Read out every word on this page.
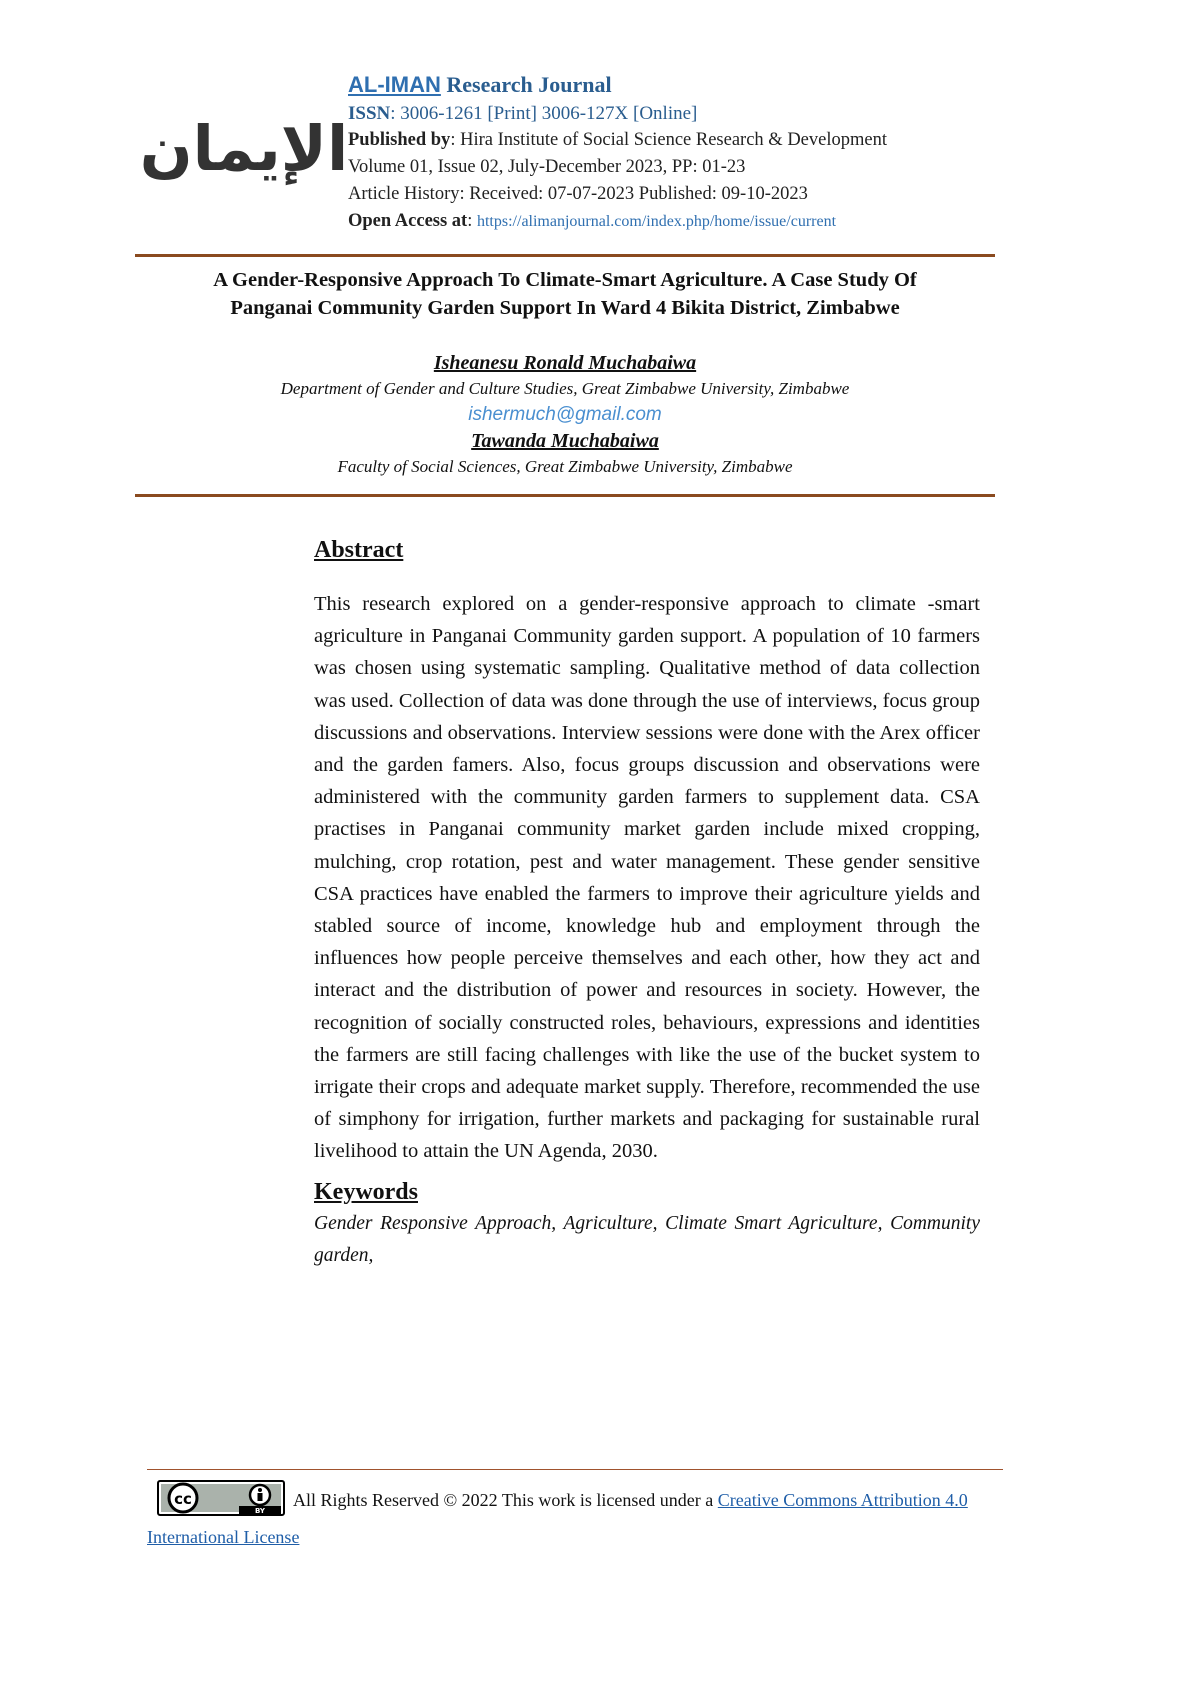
الإيمان
AL-IMAN Research Journal
ISSN: 3006-1261 [Print] 3006-127X [Online]
Published by: Hira Institute of Social Science Research & Development
Volume 01, Issue 02, July-December 2023, PP: 01-23
Article History: Received: 07-07-2023 Published: 09-10-2023
Open Access at: https://alimanjournal.com/index.php/home/issue/current
A Gender-Responsive Approach To Climate-Smart Agriculture. A Case Study Of
Panganai Community Garden Support In Ward 4 Bikita District, Zimbabwe
Isheanesu Ronald Muchabaiwa
Department of Gender and Culture Studies, Great Zimbabwe University, Zimbabwe
ishermuch@gmail.com
Tawanda Muchabaiwa
Faculty of Social Sciences, Great Zimbabwe University, Zimbabwe
Abstract
This research explored on a gender-responsive approach to climate -smart agriculture in Panganai Community garden support. A population of 10 farmers was chosen using systematic sampling. Qualitative method of data collection was used. Collection of data was done through the use of interviews, focus group discussions and observations. Interview sessions were done with the Arex officer and the garden famers. Also, focus groups discussion and observations were administered with the community garden farmers to supplement data. CSA practises in Panganai community market garden include mixed cropping, mulching, crop rotation, pest and water management. These gender sensitive CSA practices have enabled the farmers to improve their agriculture yields and stabled source of income, knowledge hub and employment through the influences how people perceive themselves and each other, how they act and interact and the distribution of power and resources in society. However, the recognition of socially constructed roles, behaviours, expressions and identities the farmers are still facing challenges with like the use of the bucket system to irrigate their crops and adequate market supply. Therefore, recommended the use of simphony for irrigation, further markets and packaging for sustainable rural livelihood to attain the UN Agenda, 2030.
Keywords
Gender Responsive Approach, Agriculture, Climate Smart Agriculture, Community garden,
cc
BY
All Rights Reserved © 2022 This work is licensed under a Creative Commons Attribution 4.0
International License
